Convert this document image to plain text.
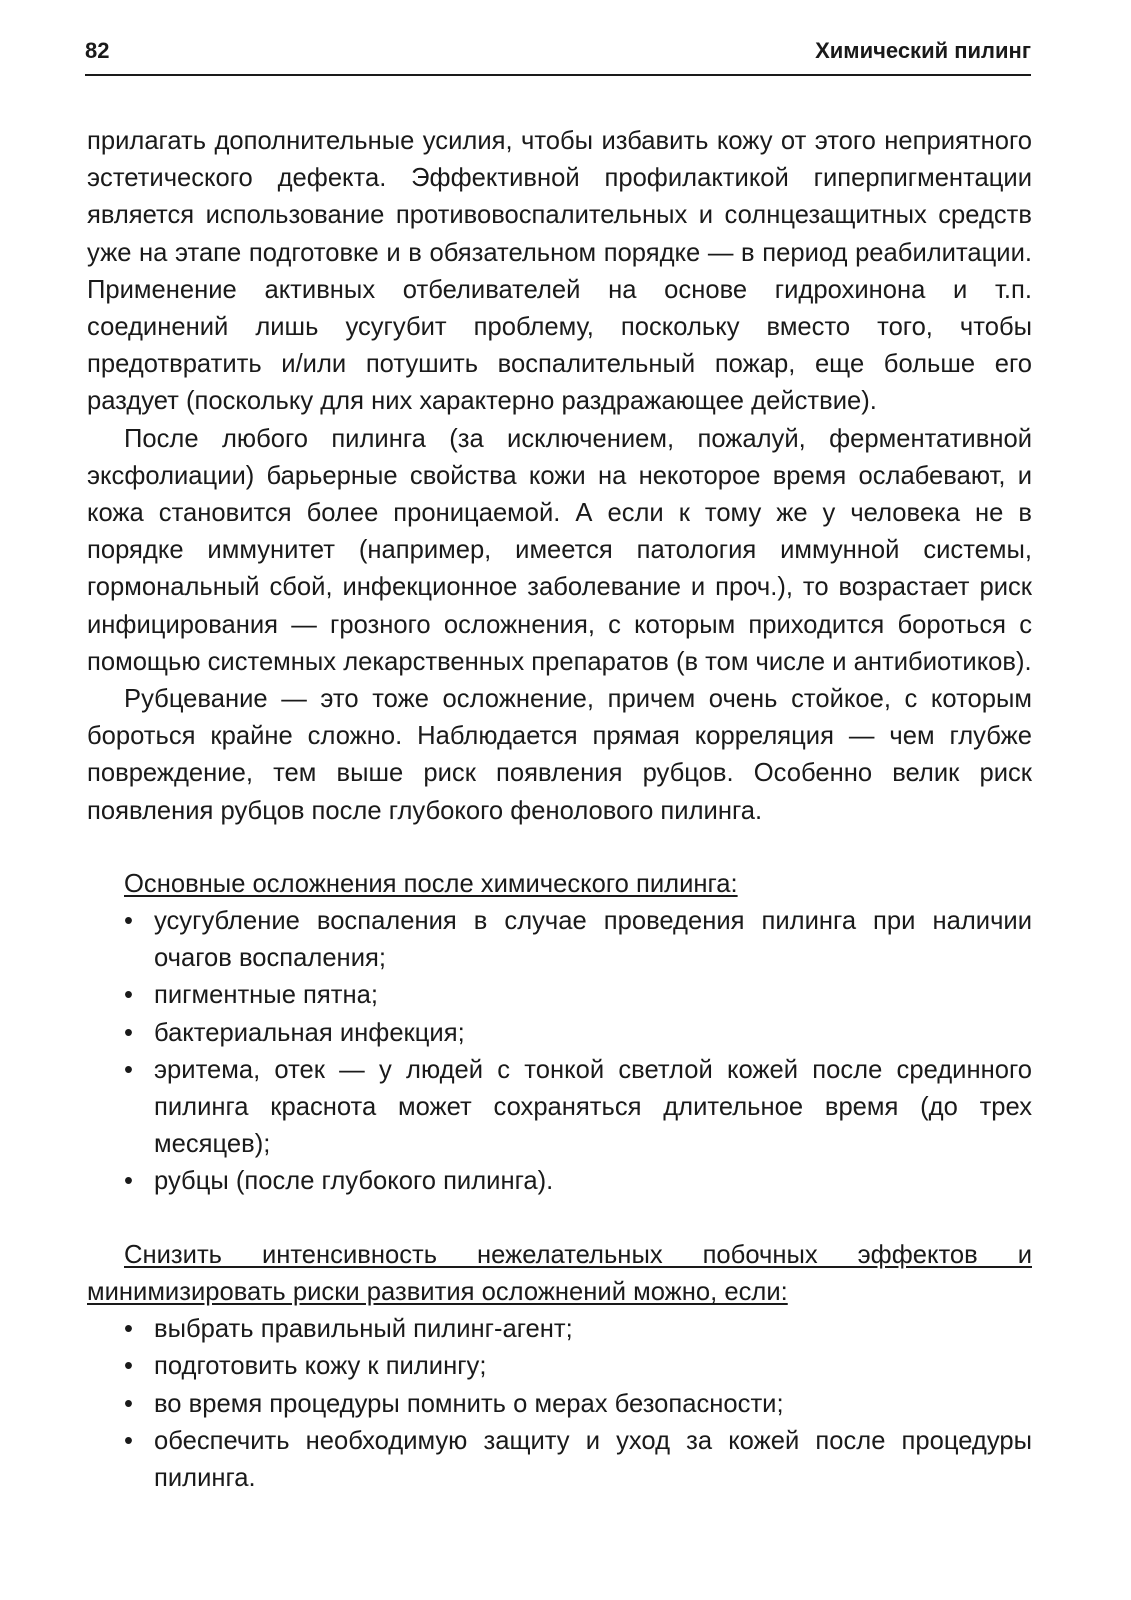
82	Химический пилинг

прилагать дополнительные усилия, чтобы избавить кожу от этого неприятного эстетического дефекта. Эффективной профилактикой гиперпигментации является использование противовоспалительных и солнцезащитных средств уже на этапе подготовке и в обязательном порядке — в период реабилитации. Применение активных отбеливателей на основе гидрохинона и т.п. соединений лишь усугубит проблему, поскольку вместо того, чтобы предотвратить и/или потушить воспалительный пожар, еще больше его раздует (поскольку для них характерно раздражающее действие).

После любого пилинга (за исключением, пожалуй, ферментативной эксфолиации) барьерные свойства кожи на некоторое время ослабевают, и кожа становится более проницаемой. А если к тому же у человека не в порядке иммунитет (например, имеется патология иммунной системы, гормональный сбой, инфекционное заболевание и проч.), то возрастает риск инфицирования — грозного осложнения, с которым приходится бороться с помощью системных лекарственных препаратов (в том числе и антибиотиков).

Рубцевание — это тоже осложнение, причем очень стойкое, с которым бороться крайне сложно. Наблюдается прямая корреляция — чем глубже повреждение, тем выше риск появления рубцов. Особенно велик риск появления рубцов после глубокого фенолового пилинга.

Основные осложнения после химического пилинга:

• усугубление воспаления в случае проведения пилинга при наличии очагов воспаления;
• пигментные пятна;
• бактериальная инфекция;
• эритема, отек — у людей с тонкой светлой кожей после срединного пилинга краснота может сохраняться длительное время (до трех месяцев);
• рубцы (после глубокого пилинга).

Снизить интенсивность нежелательных побочных эффектов и минимизировать риски развития осложнений можно, если:

• выбрать правильный пилинг-агент;
• подготовить кожу к пилингу;
• во время процедуры помнить о мерах безопасности;
• обеспечить необходимую защиту и уход за кожей после процедуры пилинга.
